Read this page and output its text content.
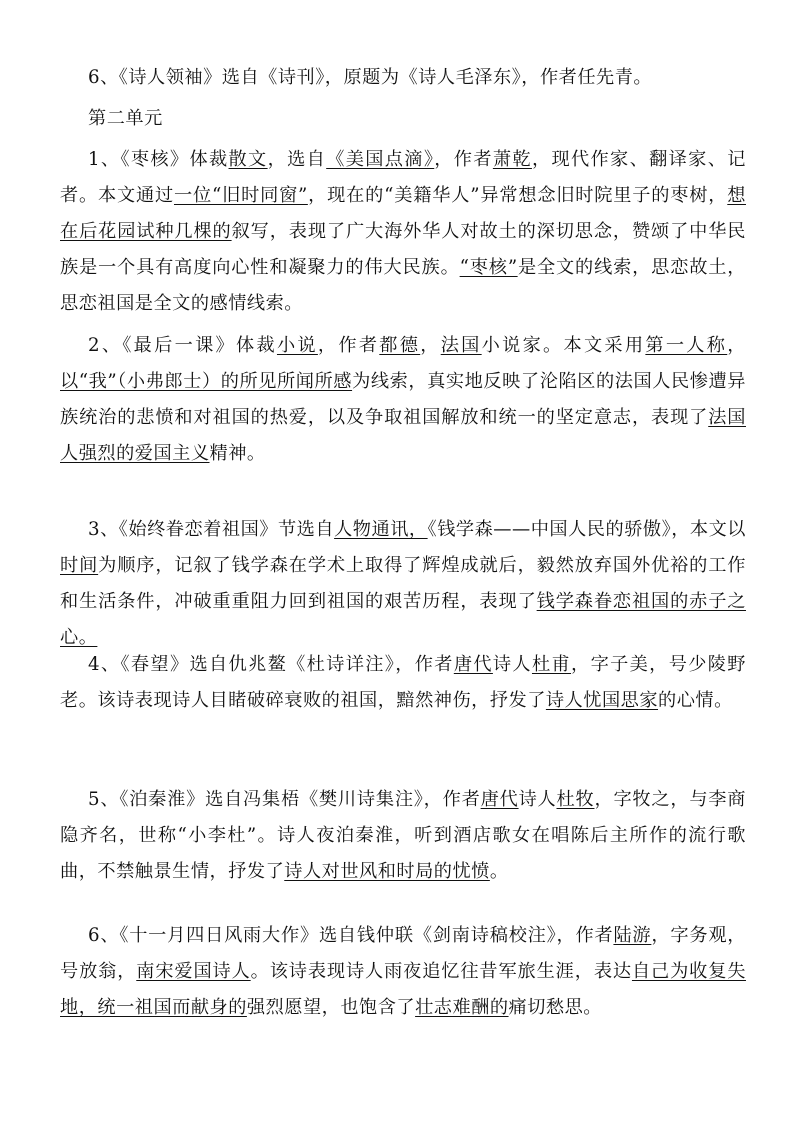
6、《诗人领袖》选自《诗刊》，原题为《诗人毛泽东》，作者任先青。

第二单元

1、《枣核》体裁散文，选自《美国点滴》，作者萧乾，现代作家、翻译家、记者。本文通过一位“旧时同窗”，现在的“美籍华人”异常想念旧时院里子的枣树，想在后花园试种几棵的叙写，表现了广大海外华人对故土的深切思念，赞颂了中华民族是一个具有高度向心性和凝聚力的伟大民族。“枣核”是全文的线索，思恋故土，思恋祖国是全文的感情线索。

2、《最后一课》体裁小说，作者都德，法国小说家。本文采用第一人称，以“我”（小弗郎士）的所见所闻所感为线索，真实地反映了沦陷区的法国人民惨遭异族统治的悲愤和对祖国的热爱，以及争取祖国解放和统一的坚定意志，表现了法国人强烈的爱国主义精神。

3、《始终眷恋着祖国》节选自人物通讯，《钱学森——中国人民的骄傲》，本文以时间为顺序，记叙了钱学森在学术上取得了辉煌成就后，毅然放弃国外优裕的工作和生活条件，冲破重重阻力回到祖国的艰苦历程，表现了钱学森眷恋祖国的赤子之心。

4、《春望》选自仇兆鳌《杜诗详注》，作者唐代诗人杜甫，字子美，号少陵野老。该诗表现诗人目睹破碎衰败的祖国，黯然神伤，抒发了诗人忧国思家的心情。

5、《泊秦淮》选自冯集梧《樊川诗集注》，作者唐代诗人杜牧，字牧之，与李商隐齐名，世称“小李杜”。诗人夜泊秦淮，听到酒店歌女在唱陈后主所作的流行歌曲，不禁触景生情，抒发了诗人对世风和时局的忧愤。

6、《十一月四日风雨大作》选自钱仲联《剑南诗稿校注》，作者陆游，字务观，号放翁，南宋爱国诗人。该诗表现诗人雨夜追忆往昔军旅生涯，表达自己为收复失地，统一祖国而献身的强烈愿望，也饱含了壮志难酬的痛切愁思。
